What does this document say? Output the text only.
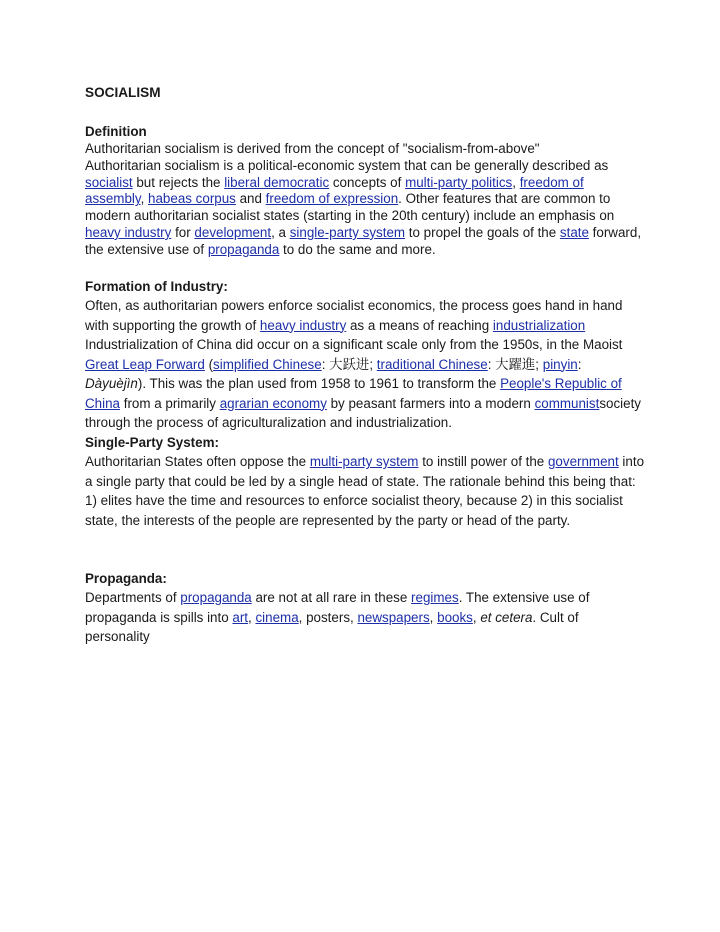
SOCIALISM

Definition

Authoritarian socialism is derived from the concept of "socialism-from-above"
Authoritarian socialism is a political-economic system that can be generally described as socialist but rejects the liberal democratic concepts of multi-party politics, freedom of assembly, habeas corpus and freedom of expression. Other features that are common to modern authoritarian socialist states (starting in the 20th century) include an emphasis on heavy industry for development, a single-party system to propel the goals of the state forward, the extensive use of propaganda to do the same and more.

Formation of Industry:

Often, as authoritarian powers enforce socialist economics, the process goes hand in hand with supporting the growth of heavy industry as a means of reaching industrialization Industrialization of China did occur on a significant scale only from the 1950s, in the Maoist Great Leap Forward (simplified Chinese: 大跃进; traditional Chinese: 大躍進; pinyin: Dàyuèjìn). This was the plan used from 1958 to 1961 to transform the People's Republic of China from a primarily agrarian economy by peasant farmers into a modern communistsociety through the process of agriculturalization and industrialization.

Single-Party System:

Authoritarian States often oppose the multi-party system to instill power of the government into a single party that could be led by a single head of state. The rationale behind this being that: 1) elites have the time and resources to enforce socialist theory, because 2) in this socialist state, the interests of the people are represented by the party or head of the party.

Propaganda:

Departments of propaganda are not at all rare in these regimes. The extensive use of propaganda is spills into art, cinema, posters, newspapers, books, et cetera. Cult of personality
